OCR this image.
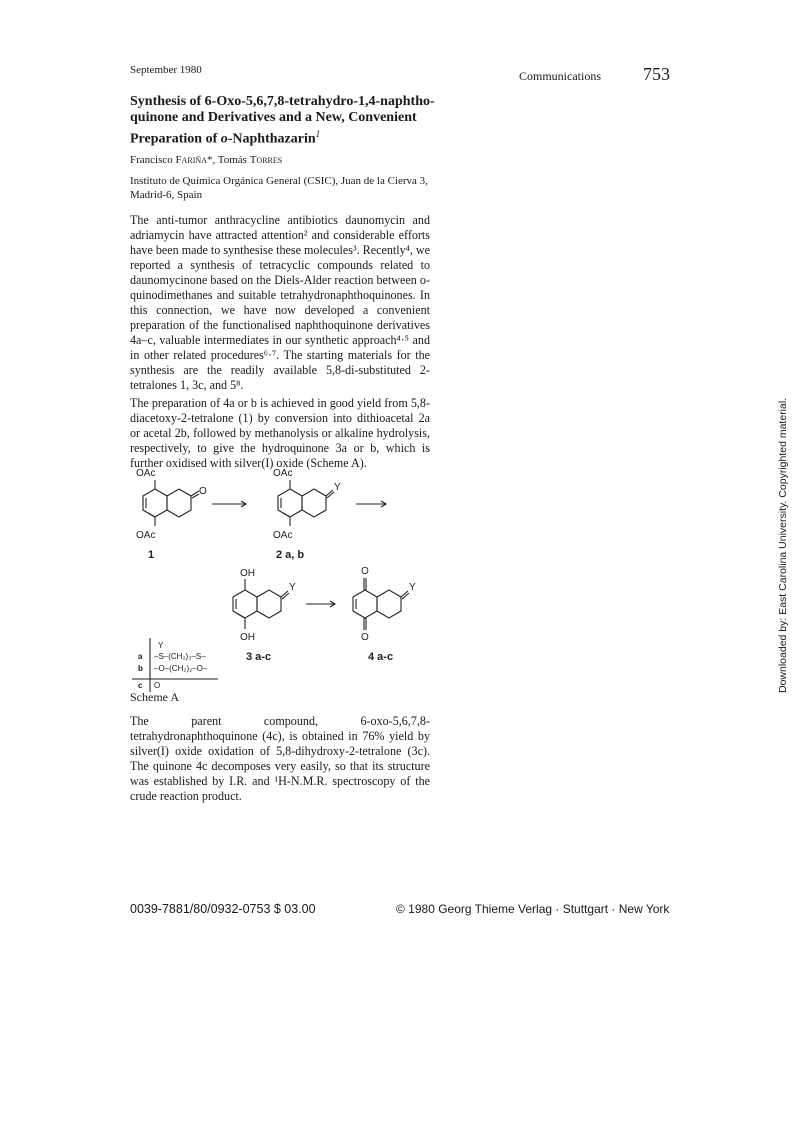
September 1980	Communications 753
Synthesis of 6-Oxo-5,6,7,8-tetrahydro-1,4-naphtho-quinone and Derivatives and a New, Convenient Preparation of o-Naphthazarin$^1$
Francisco Fariña*, Tomás Torres
Instituto de Química Orgánica General (CSIC), Juan de la Cierva 3, Madrid-6, Spain
The anti-tumor anthracycline antibiotics daunomycin and adriamycin have attracted attention² and considerable efforts have been made to synthesise these molecules³. Recently⁴, we reported a synthesis of tetracyclic compounds related to daunomycinone based on the Diels-Alder reaction between o-quinodimethanes and suitable tetrahydronaphthoquinones. In this connection, we have now developed a convenient preparation of the functionalised naphthoquinone derivatives 4a–c, valuable intermediates in our synthetic approach⁴·⁵ and in other related procedures⁶·⁷. The starting materials for the synthesis are the readily available 5,8-di-substituted 2-tetralones 1, 3c, and 5⁸.
The preparation of 4a or b is achieved in good yield from 5,8-diacetoxy-2-tetralone (1) by conversion into dithioacetal 2a or acetal 2b, followed by methanolysis or alkaline hydrolysis, respectively, to give the hydroquinone 3a or b, which is further oxidised with silver(I) oxide (Scheme A).
OAc
OAc
O
1
OAc
OAc
Y
2 a, b
OH
OH
Y
3 a-c
O
O
Y
4 a-c
Y
a –S–(CH₂)₃–S–
b –O–(CH₂)₂–O–
c O
Scheme A
The parent compound, 6-oxo-5,6,7,8-tetrahydronaphthoquinone (4c), is obtained in 76% yield by silver(I) oxide oxidation of 5,8-dihydroxy-2-tetralone (3c). The quinone 4c decomposes very easily, so that its structure was established by I.R. and ¹H-N.M.R. spectroscopy of the crude reaction product.
0039-7881/80/0932-0753 $ 03.00	© 1980 Georg Thieme Verlag · Stuttgart · New York
Downloaded by: East Carolina University. Copyrighted material.
